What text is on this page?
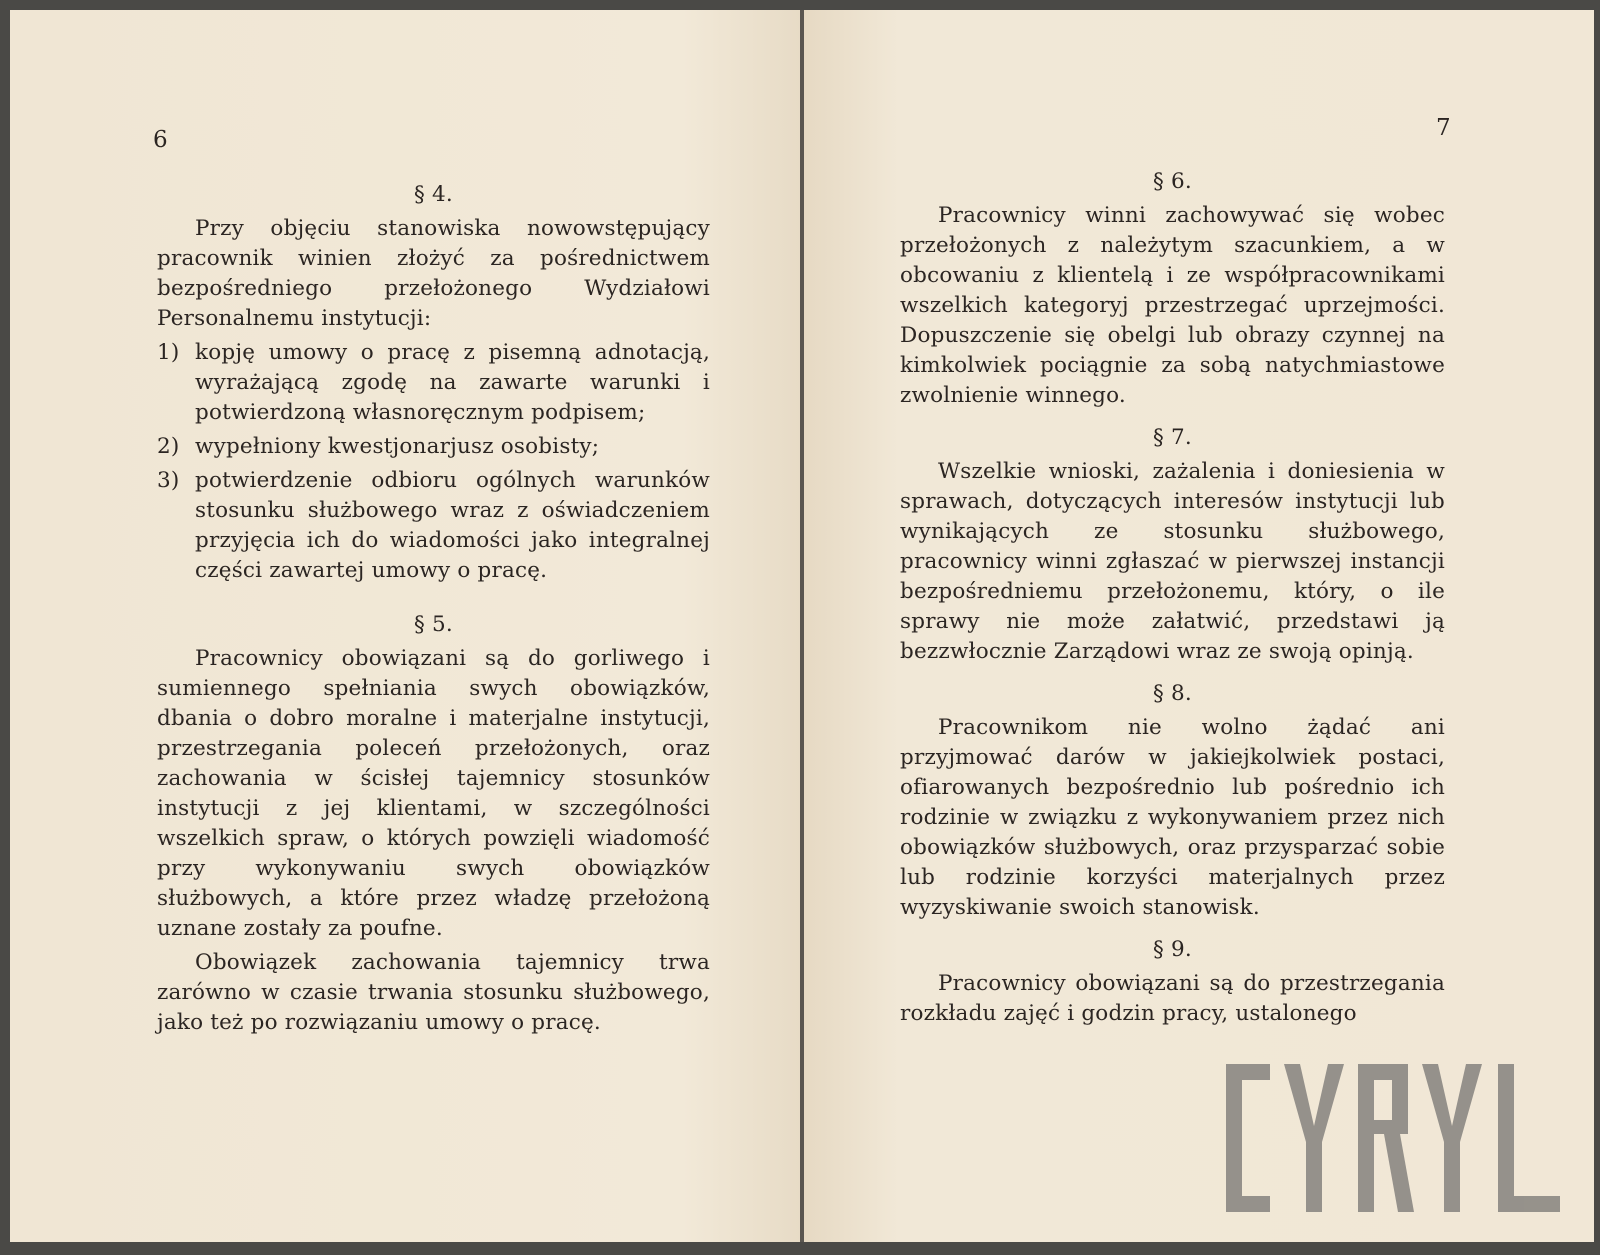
6
§ 4.
Przy objęciu stanowiska nowowstępujący pracownik winien złożyć za pośrednictwem bezpośredniego przełożonego Wydziałowi Personalnemu instytucji:
1) kopję umowy o pracę z pisemną adnotacją, wyrażającą zgodę na zawarte warunki i potwierdzoną własnoręcznym podpisem;
2) wypełniony kwestjonarjusz osobisty;
3) potwierdzenie odbioru ogólnych warunków stosunku służbowego wraz z oświadczeniem przyjęcia ich do wiadomości jako integralnej części zawartej umowy o pracę.
§ 5.
Pracownicy obowiązani są do gorliwego i sumiennego spełniania swych obowiązków, dbania o dobro moralne i materjalne instytucji, przestrzegania poleceń przełożonych, oraz zachowania w ścisłej tajemnicy stosunków instytucji z jej klientami, w szczególności wszelkich spraw, o których powzięli wiadomość przy wykonywaniu swych obowiązków służbowych, a które przez władzę przełożoną uznane zostały za poufne.
Obowiązek zachowania tajemnicy trwa zarówno w czasie trwania stosunku służbowego, jako też po rozwiązaniu umowy o pracę.
7
§ 6.
Pracownicy winni zachowywać się wobec przełożonych z należytym szacunkiem, a w obcowaniu z klientelą i ze współpracownikami wszelkich kategoryj przestrzegać uprzejmości. Dopuszczenie się obelgi lub obrazy czynnej na kimkolwiek pociągnie za sobą natychmiastowe zwolnienie winnego.
§ 7.
Wszelkie wnioski, zażalenia i doniesienia w sprawach, dotyczących interesów instytucji lub wynikających ze stosunku służbowego, pracownicy winni zgłaszać w pierwszej instancji bezpośredniemu przełożonemu, który, o ile sprawy nie może załatwić, przedstawi ją bezzwłocznie Zarządowi wraz ze swoją opinją.
§ 8.
Pracownikom nie wolno żądać ani przyjmować darów w jakiejkolwiek postaci, ofiarowanych bezpośrednio lub pośrednio ich rodzinie w związku z wykonywaniem przez nich obowiązków służbowych, oraz przysparzać sobie lub rodzinie korzyści materjalnych przez wyzyskiwanie swoich stanowisk.
§ 9.
Pracownicy obowiązani są do przestrzegania rozkładu zajęć i godzin pracy, ustalonego
